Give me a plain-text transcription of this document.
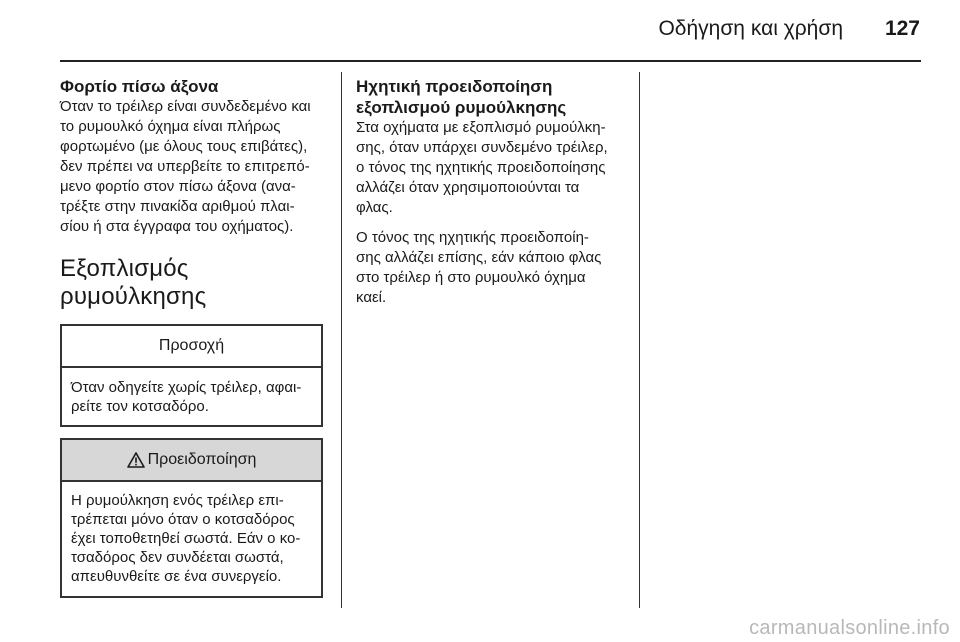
Οδήγηση και χρήση 127
Φορτίο πίσω άξονα

Όταν το τρέιλερ είναι συνδεδεμένο και
το ρυμουλκό όχημα είναι πλήρως
φορτωμένο (με όλους τους επιβάτες),
δεν πρέπει να υπερβείτε το επιτρεπό-
μενο φορτίο στον πίσω άξονα (ανα-
τρέξτε στην πινακίδα αριθμού πλαι-
σίου ή στα έγγραφα του οχήματος).

Εξοπλισμός ρυμούλκησης
Προσοχή
Όταν οδηγείτε χωρίς τρέιλερ, αφαι-
ρείτε τον κοτσαδόρο.
Προειδοποίηση
Η ρυμούλκηση ενός τρέιλερ επι-
τρέπεται μόνο όταν ο κοτσαδόρος
έχει τοποθετηθεί σωστά. Εάν ο κο-
τσαδόρος δεν συνδέεται σωστά,
απευθυνθείτε σε ένα συνεργείο.
Ηχητική προειδοποίηση
εξοπλισμού ρυμούλκησης

Στα οχήματα με εξοπλισμό ρυμούλκη-
σης, όταν υπάρχει συνδεμένο τρέιλερ,
ο τόνος της ηχητικής προειδοποίησης
αλλάζει όταν χρησιμοποιούνται τα
φλας.

Ο τόνος της ηχητικής προειδοποίη-
σης αλλάζει επίσης, εάν κάποιο φλας
στο τρέιλερ ή στο ρυμουλκό όχημα
καεί.

carmanualsonline.info
